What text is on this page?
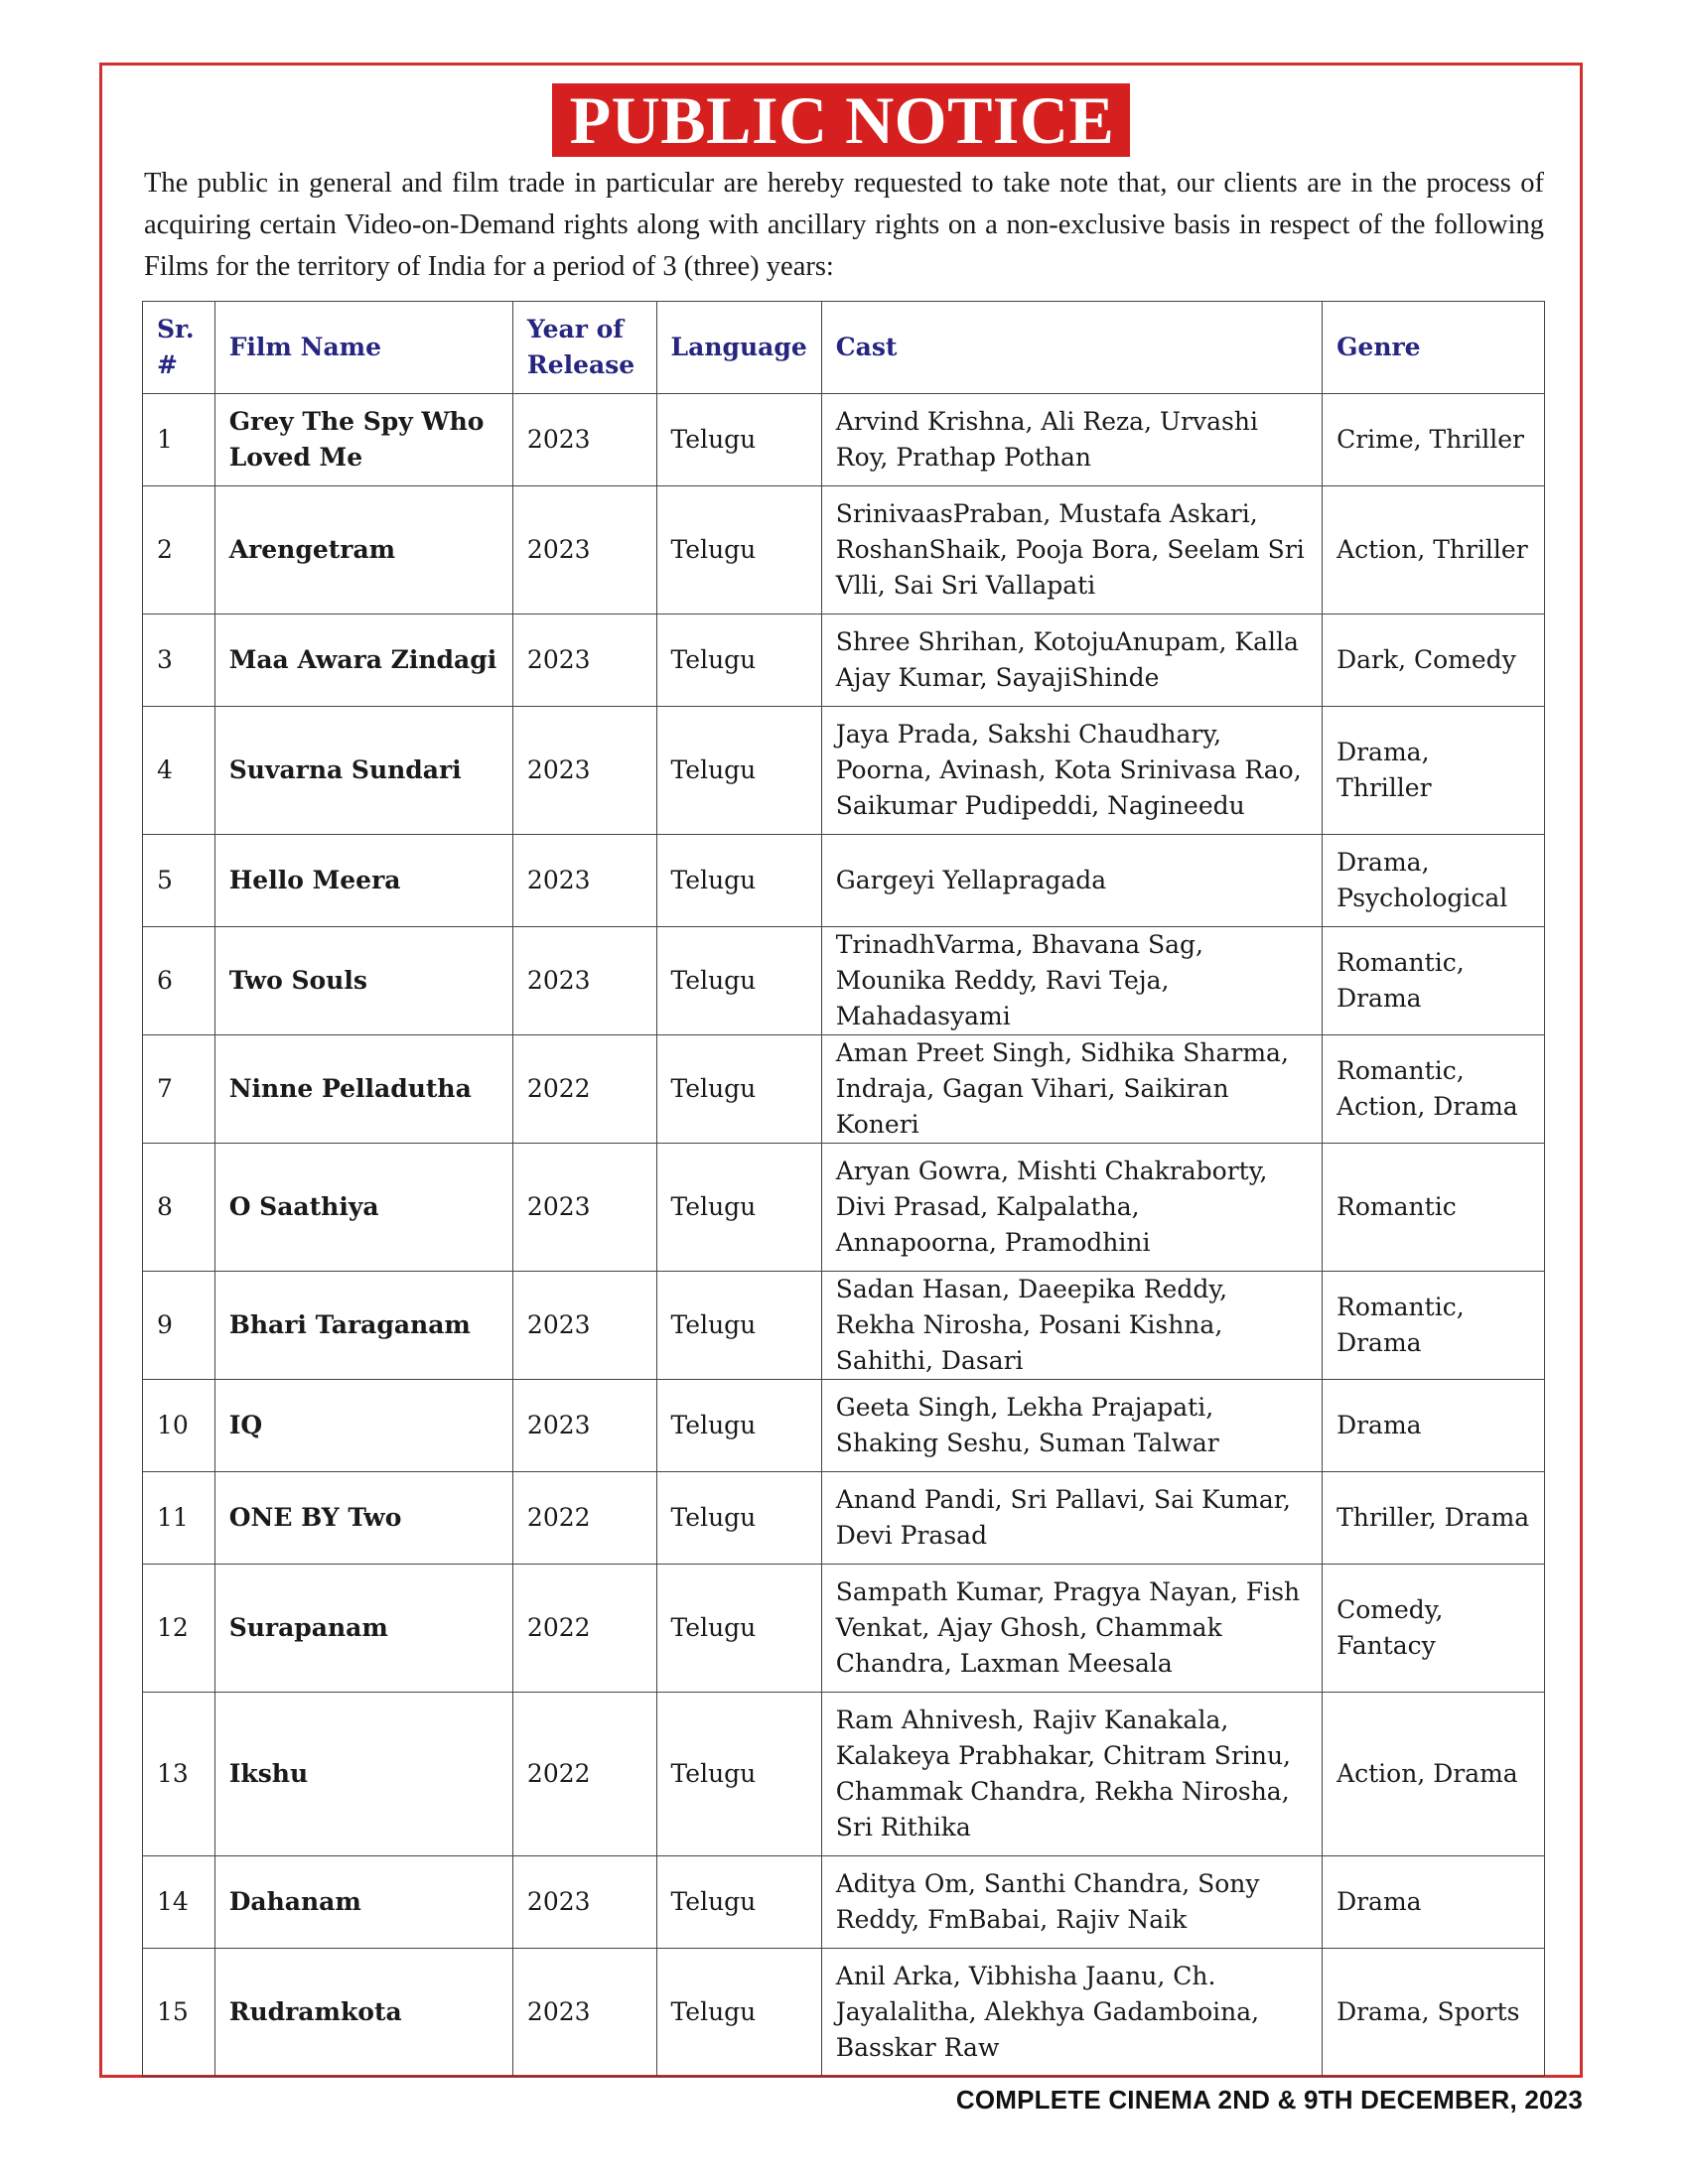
PUBLIC NOTICE
The public in general and film trade in particular are hereby requested to take note that, our clients are in the process of acquiring certain Video-on-Demand rights along with ancillary rights on a non-exclusive basis in respect of the following Films for the territory of India for a period of 3 (three) years:
Sr. #	Film Name	Year of Release	Language	Cast	Genre
1	Grey The Spy Who Loved Me	2023	Telugu	Arvind Krishna, Ali Reza, Urvashi Roy, Prathap Pothan	Crime, Thriller
2	Arengetram	2023	Telugu	SrinivaasPraban, Mustafa Askari, RoshanShaik, Pooja Bora, Seelam Sri Vlli, Sai Sri Vallapati	Action, Thriller
3	Maa Awara Zindagi	2023	Telugu	Shree Shrihan, KotojuAnupam, Kalla Ajay Kumar, SayajiShinde	Dark, Comedy
4	Suvarna Sundari	2023	Telugu	Jaya Prada, Sakshi Chaudhary, Poorna, Avinash, Kota Srinivasa Rao, Saikumar Pudipeddi, Nagineedu	Drama, Thriller
5	Hello Meera	2023	Telugu	Gargeyi Yellapragada	Drama, Psychological
6	Two Souls	2023	Telugu	TrinadhVarma, Bhavana Sag, Mounika Reddy, Ravi Teja, Mahadasyami	Romantic, Drama
7	Ninne Pelladutha	2022	Telugu	Aman Preet Singh, Sidhika Sharma, Indraja, Gagan Vihari, Saikiran Koneri	Romantic, Action, Drama
8	O Saathiya	2023	Telugu	Aryan Gowra, Mishti Chakraborty, Divi Prasad, Kalpalatha, Annapoorna, Pramodhini	Romantic
9	Bhari Taraganam	2023	Telugu	Sadan Hasan, Daeepika Reddy, Rekha Nirosha, Posani Kishna, Sahithi, Dasari	Romantic, Drama
10	IQ	2023	Telugu	Geeta Singh, Lekha Prajapati, Shaking Seshu, Suman Talwar	Drama
11	ONE BY Two	2022	Telugu	Anand Pandi, Sri Pallavi, Sai Kumar, Devi Prasad	Thriller, Drama
12	Surapanam	2022	Telugu	Sampath Kumar, Pragya Nayan, Fish Venkat, Ajay Ghosh, Chammak Chandra, Laxman Meesala	Comedy, Fantacy
13	Ikshu	2022	Telugu	Ram Ahnivesh, Rajiv Kanakala, Kalakeya Prabhakar, Chitram Srinu, Chammak Chandra, Rekha Nirosha, Sri Rithika	Action, Drama
14	Dahanam	2023	Telugu	Aditya Om, Santhi Chandra, Sony Reddy, FmBabai, Rajiv Naik	Drama
15	Rudramkota	2023	Telugu	Anil Arka, Vibhisha Jaanu, Ch. Jayalalitha, Alekhya Gadamboina, Basskar Raw	Drama, Sports
COMPLETE CINEMA 2ND & 9TH DECEMBER, 2023
